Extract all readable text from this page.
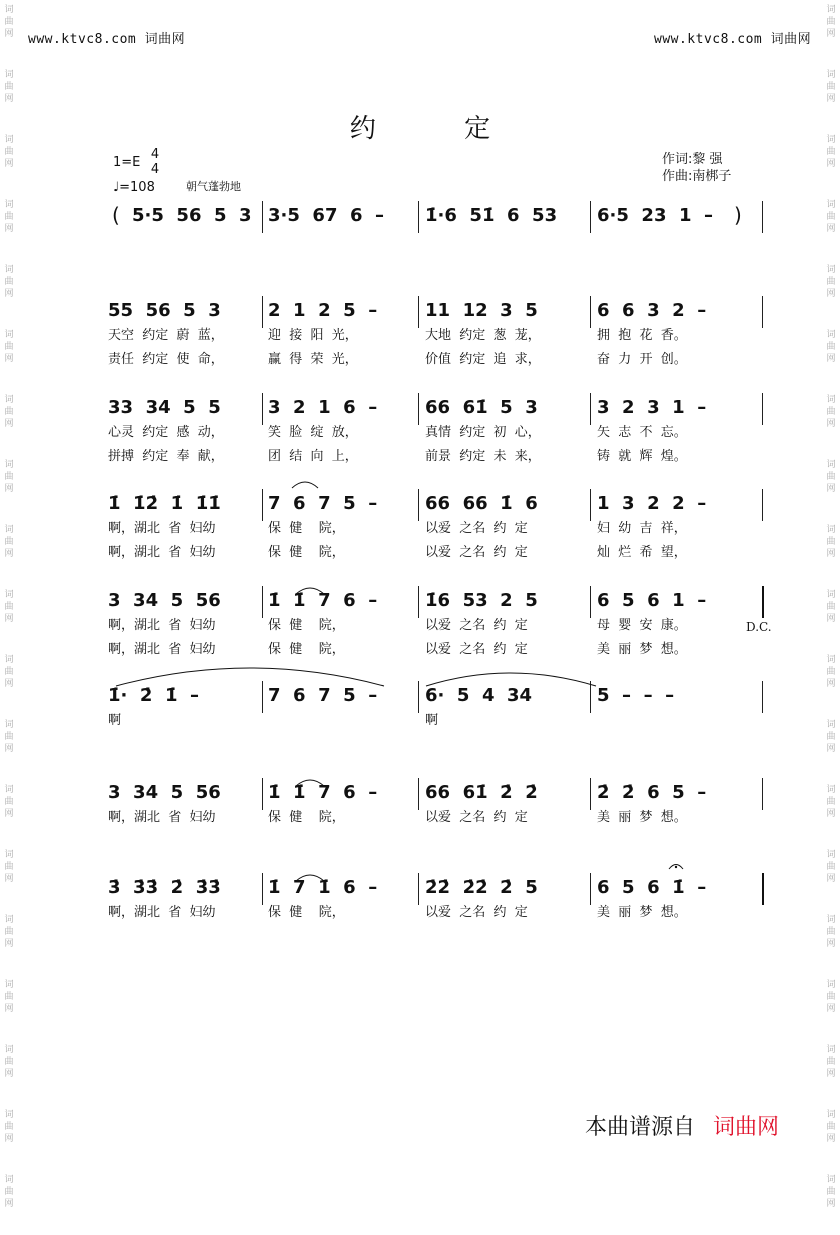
词
曲
网
词
曲
网
词
曲
网
词
曲
网
词
曲
网
词
曲
网
词
曲
网
词
曲
网
词
曲
网
词
曲
网
词
曲
网
词
曲
网
词
曲
网
词
曲
网
词
曲
网
词
曲
网
词
曲
网
词
曲
网
词
曲
网
词
曲
网
词
曲
网
词
曲
网
词
曲
网
词
曲
网
词
曲
网
词
曲
网
词
曲
网
词
曲
网
词
曲
网
词
曲
网
词
曲
网
词
曲
网
词
曲
网
词
曲
网
词
曲
网
词
曲
网
词
曲
网
词
曲
网
www.ktvc8.com 词曲网	www.ktvc8.com 词曲网
约 定
1=E
4
4
♩=108	朝气蓬勃地
作词:黎 强
作曲:南梆子
5·5  56  5  3 3·5  67  6  – 1̇·6  51̇  6  53 6·5  23  1  –
55  56  5  3	2  1  2  5  –	11  12  3  5	6  6  3  2  –
天空  约定  蔚  蓝，	迎  接  阳  光，	大地  约定  葱  茏，	拥  抱  花  香。
责任  约定  使  命，	赢  得  荣  光，	价值  约定  追  求，	奋  力  开  创。
33  34  5  5	3  2  1  6  –	66  61̇  5  3	3  2  3  1  –
心灵  约定  感  动，	笑  脸  绽  放，	真情  约定  初  心，	矢  志  不  忘。
拼搏  约定  奉  献，	团  结  向  上，	前景  约定  未  来，	铸  就  辉  煌。
1̇  1̇2̇  1̇  1̇1̇	7  6  7  5  –	66  66  1̇  6	1  3  2  2  –
啊，湖北  省  妇幼	保  健    院，	以爱  之名  约  定	妇  幼  吉  祥，
啊，湖北  省  妇幼	保  健    院，	以爱  之名  约  定	灿  烂  希  望，
3  34  5  56	1̇  1̇  7  6  –	1̇6  53  2  5	6  5  6  1  –
啊，湖北  省  妇幼	保  健    院，	以爱  之名  约  定	母  婴  安  康。
啊，湖北  省  妇幼	保  健    院，	以爱  之名  约  定	美  丽  梦  想。
D.C.
1̇·  2̇  1̇  –	7  6  7  5  –	6·  5  4  34	5  –  –  –
啊	啊
3  34  5  56	1̇  1̇  7  6  –	66  61̇  2̇  2̇	2̇  2̇  6  5  –
啊，湖北  省  妇幼	保  健    院，	以爱  之名  约  定	美  丽  梦  想。
3̇  3̇3̇  2̇  3̇3̇	1̇  7  1̇  6  –	2̇2̇  2̇2̇  2̇  5	6  5  6  1̇  –
啊，湖北  省  妇幼	保  健    院，	以爱  之名  约  定	美  丽  梦  想。
(	)
本曲谱源自 词曲网
